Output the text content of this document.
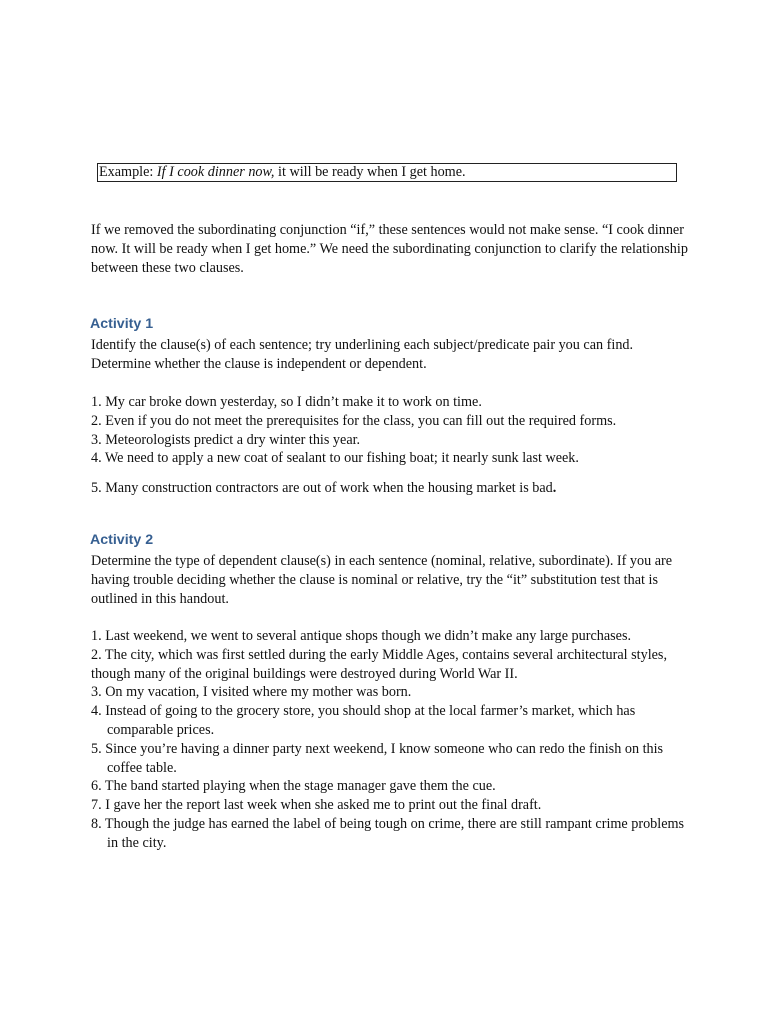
Example: If I cook dinner now, it will be ready when I get home.

If we removed the subordinating conjunction “if,” these sentences would not make sense. “I cook dinner now. It will be ready when I get home.” We need the subordinating conjunction to clarify the relationship between these two clauses.

Activity 1

Identify the clause(s) of each sentence; try underlining each subject/predicate pair you can find. Determine whether the clause is independent or dependent.

1. My car broke down yesterday, so I didn’t make it to work on time.
2. Even if you do not meet the prerequisites for the class, you can fill out the required forms.
3. Meteorologists predict a dry winter this year.
4. We need to apply a new coat of sealant to our fishing boat; it nearly sunk last week.

5. Many construction contractors are out of work when the housing market is bad.

Activity 2

Determine the type of dependent clause(s) in each sentence (nominal, relative, subordinate). If you are having trouble deciding whether the clause is nominal or relative, try the “it” substitution test that is outlined in this handout.

1. Last weekend, we went to several antique shops though we didn’t make any large purchases.
2. The city, which was first settled during the early Middle Ages, contains several architectural styles, though many of the original buildings were destroyed during World War II.
3. On my vacation, I visited where my mother was born.
4. Instead of going to the grocery store, you should shop at the local farmer’s market, which has comparable prices.
5. Since you’re having a dinner party next weekend, I know someone who can redo the finish on this coffee table.
6. The band started playing when the stage manager gave them the cue.
7. I gave her the report last week when she asked me to print out the final draft.
8. Though the judge has earned the label of being tough on crime, there are still rampant crime problems in the city.
